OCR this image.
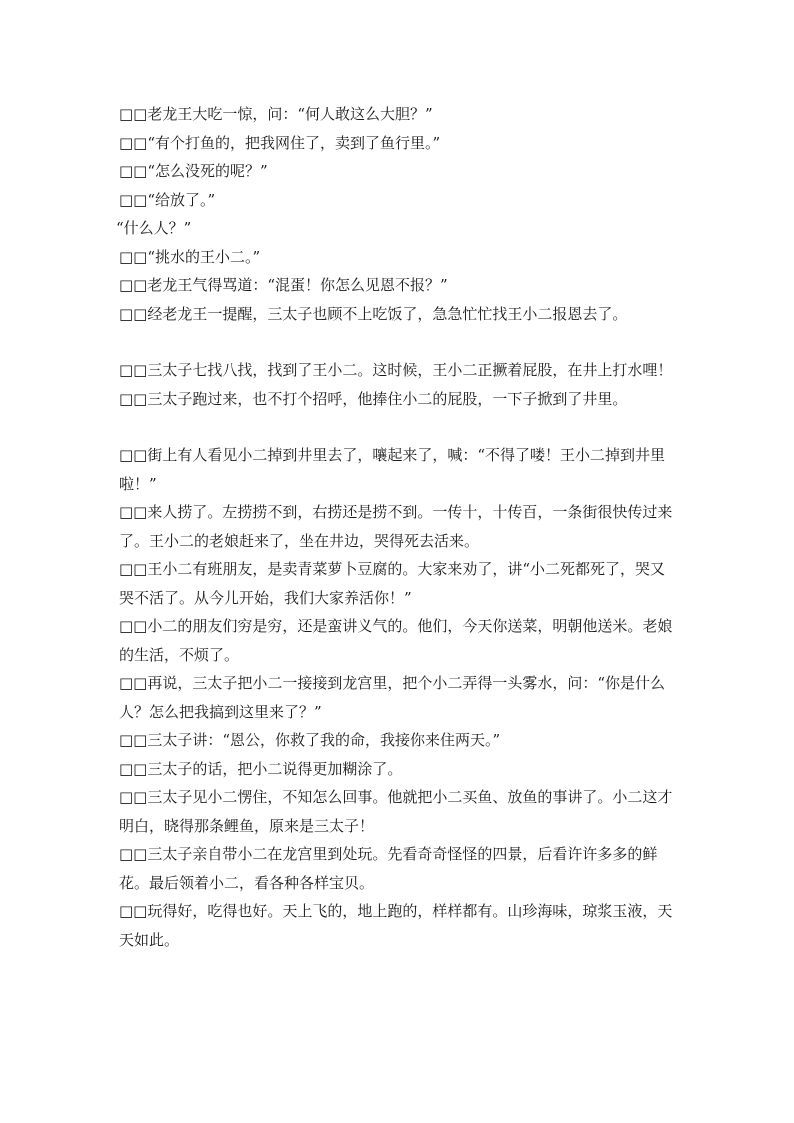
□□老龙王大吃一惊，问：“何人敢这么大胆？”

□□“有个打鱼的，把我网住了，卖到了鱼行里。”

□□“怎么没死的呢？”

□□“给放了。”

“什么人？”

□□“挑水的王小二。”

□□老龙王气得骂道：“混蛋！你怎么见恩不报？”

□□经老龙王一提醒，三太子也顾不上吃饭了，急急忙忙找王小二报恩去了。

□□三太子七找八找，找到了王小二。这时候，王小二正撅着屁股，在井上打水哩！

□□三太子跑过来，也不打个招呼，他捧住小二的屁股，一下子掀到了井里。

□□街上有人看见小二掉到井里去了，嚷起来了，喊：“不得了喽！王小二掉到井里啦！”

□□来人捞了。左捞捞不到，右捞还是捞不到。一传十，十传百，一条街很快传过来了。王小二的老娘赶来了，坐在井边，哭得死去活来。

□□王小二有班朋友，是卖青菜萝卜豆腐的。大家来劝了，讲“小二死都死了，哭又哭不活了。从今儿开始，我们大家养活你！”

□□小二的朋友们穷是穷，还是蛮讲义气的。他们，今天你送菜，明朝他送米。老娘的生活，不烦了。

□□再说，三太子把小二一接接到龙宫里，把个小二弄得一头雾水，问：“你是什么人？怎么把我搞到这里来了？”

□□三太子讲：“恩公，你救了我的命，我接你来住两天。”

□□三太子的话，把小二说得更加糊涂了。

□□三太子见小二愣住，不知怎么回事。他就把小二买鱼、放鱼的事讲了。小二这才明白，晓得那条鲤鱼，原来是三太子！

□□三太子亲自带小二在龙宫里到处玩。先看奇奇怪怪的四景，后看许许多多的鲜花。最后领着小二，看各种各样宝贝。

□□玩得好，吃得也好。天上飞的，地上跑的，样样都有。山珍海味，琼浆玉液，天天如此。
